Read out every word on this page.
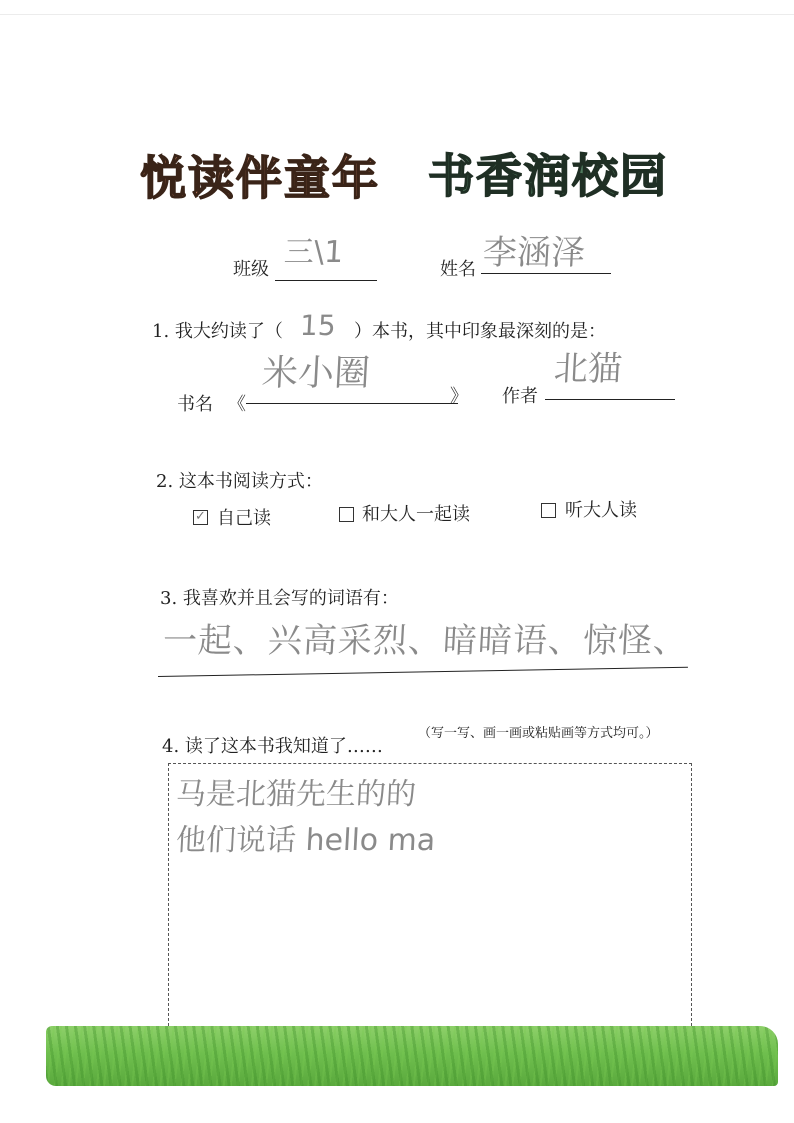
悦读伴童年 书香润校园
班级 三\1	姓名 李涵泽
1. 我大约读了（ 15 ）本书，其中印象最深刻的是：
书名 《
米小圈
》 作者
北猫
2. 这本书阅读方式：
✓ 自己读	和大人一起读	听大人读
3. 我喜欢并且会写的词语有：
一起、兴高采烈、暗暗语、惊怪、
4. 读了这本书我知道了……
（写一写、画一画或粘贴画等方式均可。）
马是北猫先生的的
他们说话 hello ma
